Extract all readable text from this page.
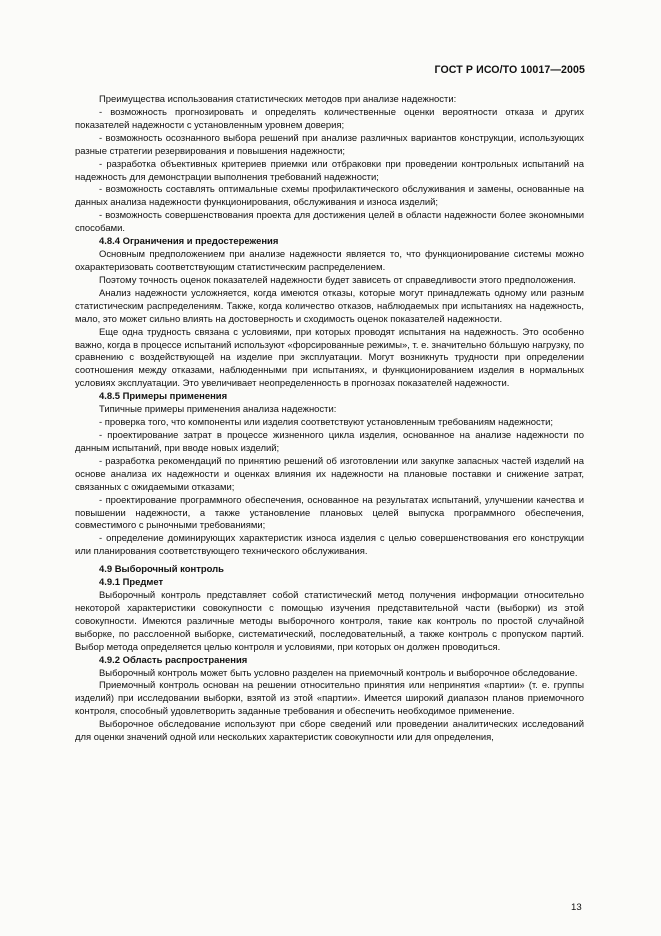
ГОСТ Р ИСО/ТО 10017—2005

Преимущества использования статистических методов при анализе надежности:

- возможность прогнозировать и определять количественные оценки вероятности отказа и других показателей надежности с установленным уровнем доверия;

- возможность осознанного выбора решений при анализе различных вариантов конструкции, использующих разные стратегии резервирования и повышения надежности;

- разработка объективных критериев приемки или отбраковки при проведении контрольных испытаний на надежность для демонстрации выполнения требований надежности;

- возможность составлять оптимальные схемы профилактического обслуживания и замены, основанные на данных анализа надежности функционирования, обслуживания и износа изделий;

- возможность совершенствования проекта для достижения целей в области надежности более экономными способами.

4.8.4 Ограничения и предостережения

Основным предположением при анализе надежности является то, что функционирование системы можно охарактеризовать соответствующим статистическим распределением.

Поэтому точность оценок показателей надежности будет зависеть от справедливости этого предположения.

Анализ надежности усложняется, когда имеются отказы, которые могут принадлежать одному или разным статистическим распределениям. Также, когда количество отказов, наблюдаемых при испытаниях на надежность, мало, это может сильно влиять на достоверность и сходимость оценок показателей надежности.

Еще одна трудность связана с условиями, при которых проводят испытания на надежность. Это особенно важно, когда в процессе испытаний используют «форсированные режимы», т. е. значительно бóльшую нагрузку, по сравнению с воздействующей на изделие при эксплуатации. Могут возникнуть трудности при определении соотношения между отказами, наблюденными при испытаниях, и функционированием изделия в нормальных условиях эксплуатации. Это увеличивает неопределенность в прогнозах показателей надежности.

4.8.5 Примеры применения

Типичные примеры применения анализа надежности:

- проверка того, что компоненты или изделия соответствуют установленным требованиям надежности;

- проектирование затрат в процессе жизненного цикла изделия, основанное на анализе надежности по данным испытаний, при вводе новых изделий;

- разработка рекомендаций по принятию решений об изготовлении или закупке запасных частей изделий на основе анализа их надежности и оценках влияния их надежности на плановые поставки и снижение затрат, связанных с ожидаемыми отказами;

- проектирование программного обеспечения, основанное на результатах испытаний, улучшении качества и повышении надежности, а также установление плановых целей выпуска программного обеспечения, совместимого с рыночными требованиями;

- определение доминирующих характеристик износа изделия с целью совершенствования его конструкции или планирования соответствующего технического обслуживания.

4.9 Выборочный контроль

4.9.1 Предмет

Выборочный контроль представляет собой статистический метод получения информации относительно некоторой характеристики совокупности с помощью изучения представительной части (выборки) из этой совокупности. Имеются различные методы выборочного контроля, такие как контроль по простой случайной выборке, по расслоенной выборке, систематический, последовательный, а также контроль с пропуском партий. Выбор метода определяется целью контроля и условиями, при которых он должен проводиться.

4.9.2 Область распространения

Выборочный контроль может быть условно разделен на приемочный контроль и выборочное обследование.

Приемочный контроль основан на решении относительно принятия или непринятия «партии» (т. е. группы изделий) при исследовании выборки, взятой из этой «партии». Имеется широкий диапазон планов приемочного контроля, способный удовлетворить заданные требования и обеспечить необходимое применение.

Выборочное обследование используют при сборе сведений или проведении аналитических исследований для оценки значений одной или нескольких характеристик совокупности или для определения,

13
